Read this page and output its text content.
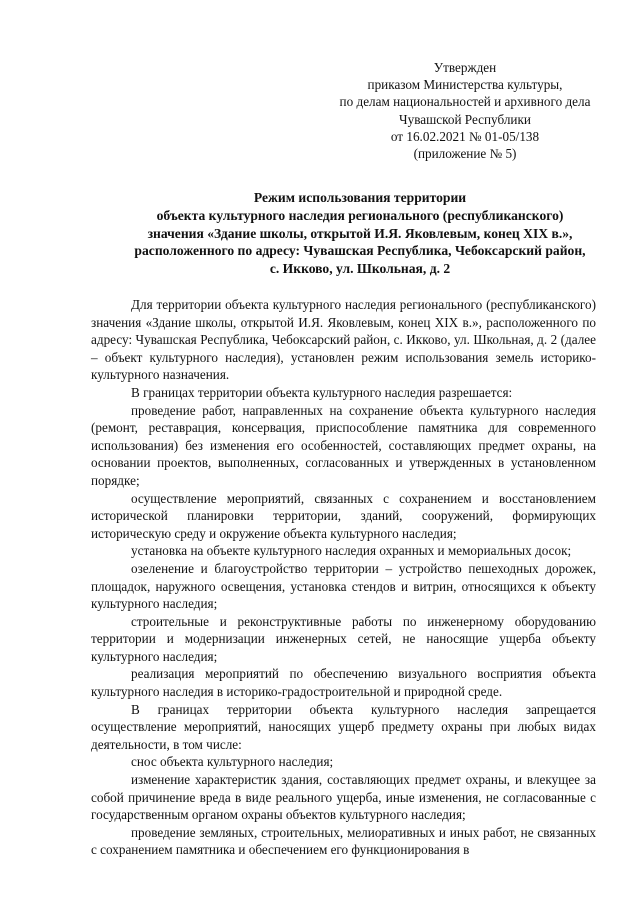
Утвержден
приказом Министерства культуры,
по делам национальностей и архивного дела
Чувашской Республики
от 16.02.2021 № 01-05/138
(приложение № 5)
Режим использования территории
объекта культурного наследия регионального (республиканского)
значения «Здание школы, открытой И.Я. Яковлевым, конец XIX в.»,
расположенного по адресу: Чувашская Республика, Чебоксарский район,
с. Икково, ул. Школьная, д. 2

Для территории объекта культурного наследия регионального (республиканского) значения «Здание школы, открытой И.Я. Яковлевым, конец XIX в.», расположенного по адресу: Чувашская Республика, Чебоксарский район, с. Икково, ул. Школьная, д. 2 (далее – объект культурного наследия), установлен режим использования земель историко-культурного назначения.

В границах территории объекта культурного наследия разрешается:

проведение работ, направленных на сохранение объекта культурного наследия (ремонт, реставрация, консервация, приспособление памятника для современного использования) без изменения его особенностей, составляющих предмет охраны, на основании проектов, выполненных, согласованных и утвержденных в установленном порядке;

осуществление мероприятий, связанных с сохранением и восстановлением исторической планировки территории, зданий, сооружений, формирующих историческую среду и окружение объекта культурного наследия;

установка на объекте культурного наследия охранных и мемориальных досок;

озеленение и благоустройство территории – устройство пешеходных дорожек, площадок, наружного освещения, установка стендов и витрин, относящихся к объекту культурного наследия;

строительные и реконструктивные работы по инженерному оборудованию территории и модернизации инженерных сетей, не наносящие ущерба объекту культурного наследия;

реализация мероприятий по обеспечению визуального восприятия объекта культурного наследия в историко-градостроительной и природной среде.

В границах территории объекта культурного наследия запрещается осуществление мероприятий, наносящих ущерб предмету охраны при любых видах деятельности, в том числе:

снос объекта культурного наследия;

изменение характеристик здания, составляющих предмет охраны, и влекущее за собой причинение вреда в виде реального ущерба, иные изменения, не согласованные с государственным органом охраны объектов культурного наследия;

проведение земляных, строительных, мелиоративных и иных работ, не связанных с сохранением памятника и обеспечением его функционирования в
